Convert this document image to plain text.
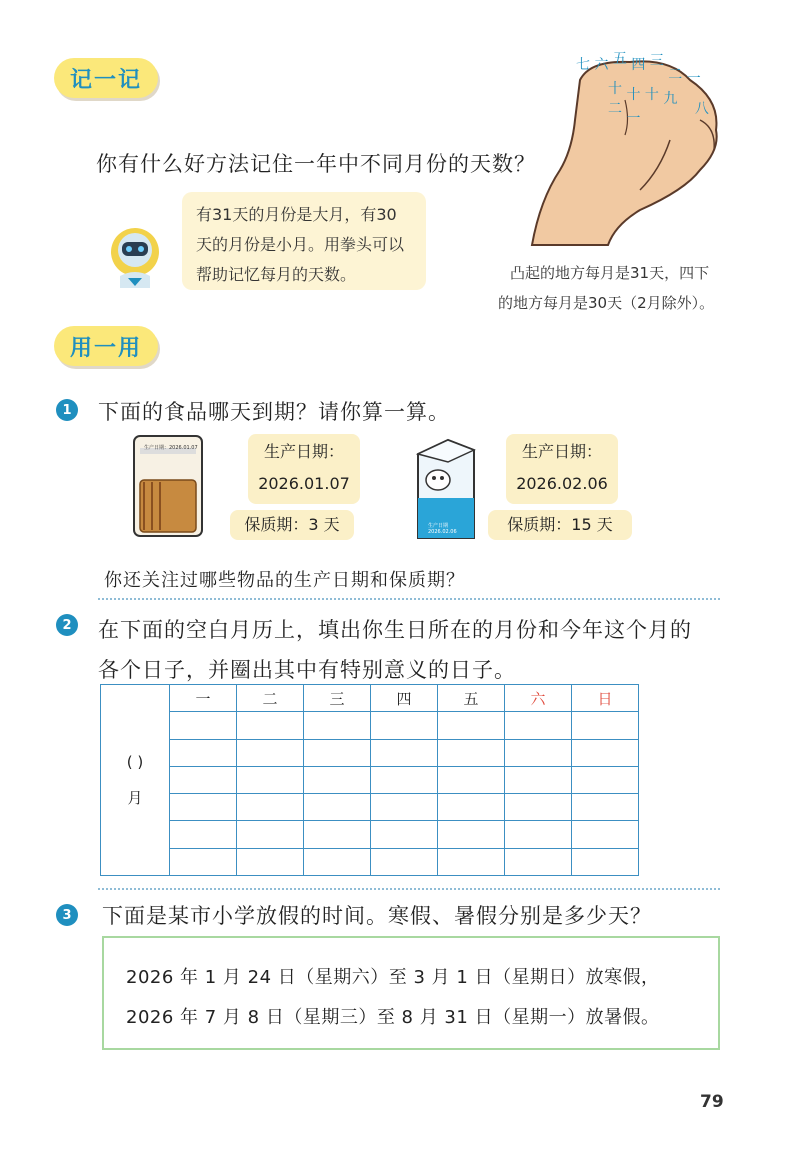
记一记
七 六 五 四 三 二 一
十 十 十 九
二 一 八
你有什么好方法记住一年中不同月份的天数？
有31天的月份是大月，有30
天的月份是小月。用拳头可以
帮助记忆每月的天数。	凸起的地方每月是31天，四下
的地方每月是30天（2月除外）。
用一用
1	下面的食品哪天到期？请你算一算。
生产日期：2026.01.07	生产日期：
2026.01.07
保质期：3 天	生产日期 2026.02.06
生产日期：
2026.02.06
保质期：15 天
你还关注过哪些物品的生产日期和保质期？
2	在下面的空白月历上，填出你生日所在的月份和今年这个月的
各个日子，并圈出其中有特别意义的日子。
( )
月	一	二	三	四	五	六	日

3	下面是某市小学放假的时间。寒假、暑假分别是多少天？
2026 年 1 月 24 日（星期六）至 3 月 1 日（星期日）放寒假，
2026 年 7 月 8 日（星期三）至 8 月 31 日（星期一）放暑假。
79
